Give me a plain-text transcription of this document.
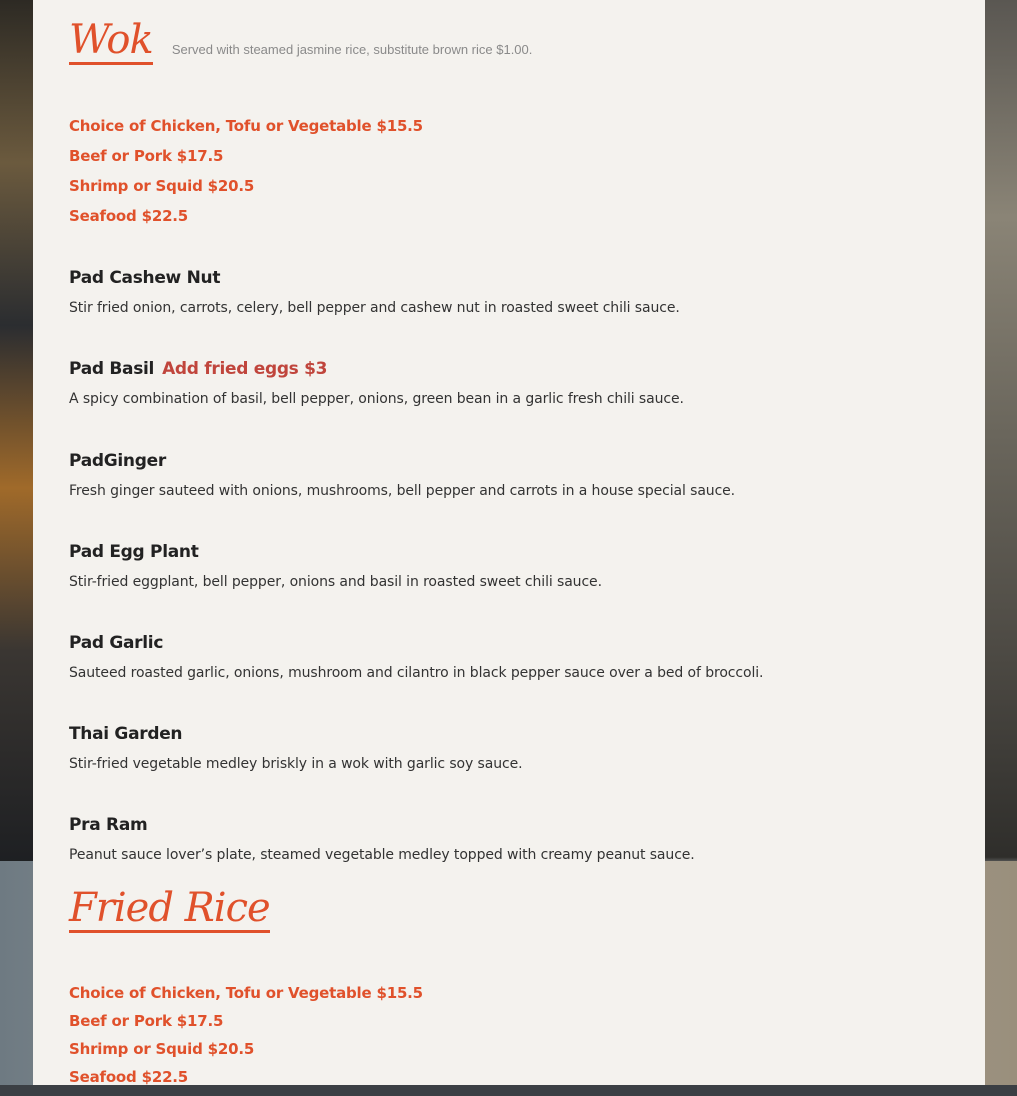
Wok Served with steamed jasmine rice, substitute brown rice $1.00.
Choice of Chicken, Tofu or Vegetable $15.5
Beef or Pork $17.5
Shrimp or Squid $20.5
Seafood $22.5
Pad Cashew Nut
Stir fried onion, carrots, celery, bell pepper and cashew nut in roasted sweet chili sauce.
Pad Basil Add fried eggs $3
A spicy combination of basil, bell pepper, onions, green bean in a garlic fresh chili sauce.
PadGinger
Fresh ginger sauteed with onions, mushrooms, bell pepper and carrots in a house special sauce.
Pad Egg Plant
Stir-fried eggplant, bell pepper, onions and basil in roasted sweet chili sauce.
Pad Garlic
Sauteed roasted garlic, onions, mushroom and cilantro in black pepper sauce over a bed of broccoli.
Thai Garden
Stir-fried vegetable medley briskly in a wok with garlic soy sauce.
Pra Ram
Peanut sauce lover’s plate, steamed vegetable medley topped with creamy peanut sauce.
Fried Rice
Choice of Chicken, Tofu or Vegetable $15.5
Beef or Pork $17.5
Shrimp or Squid $20.5
Seafood $22.5
